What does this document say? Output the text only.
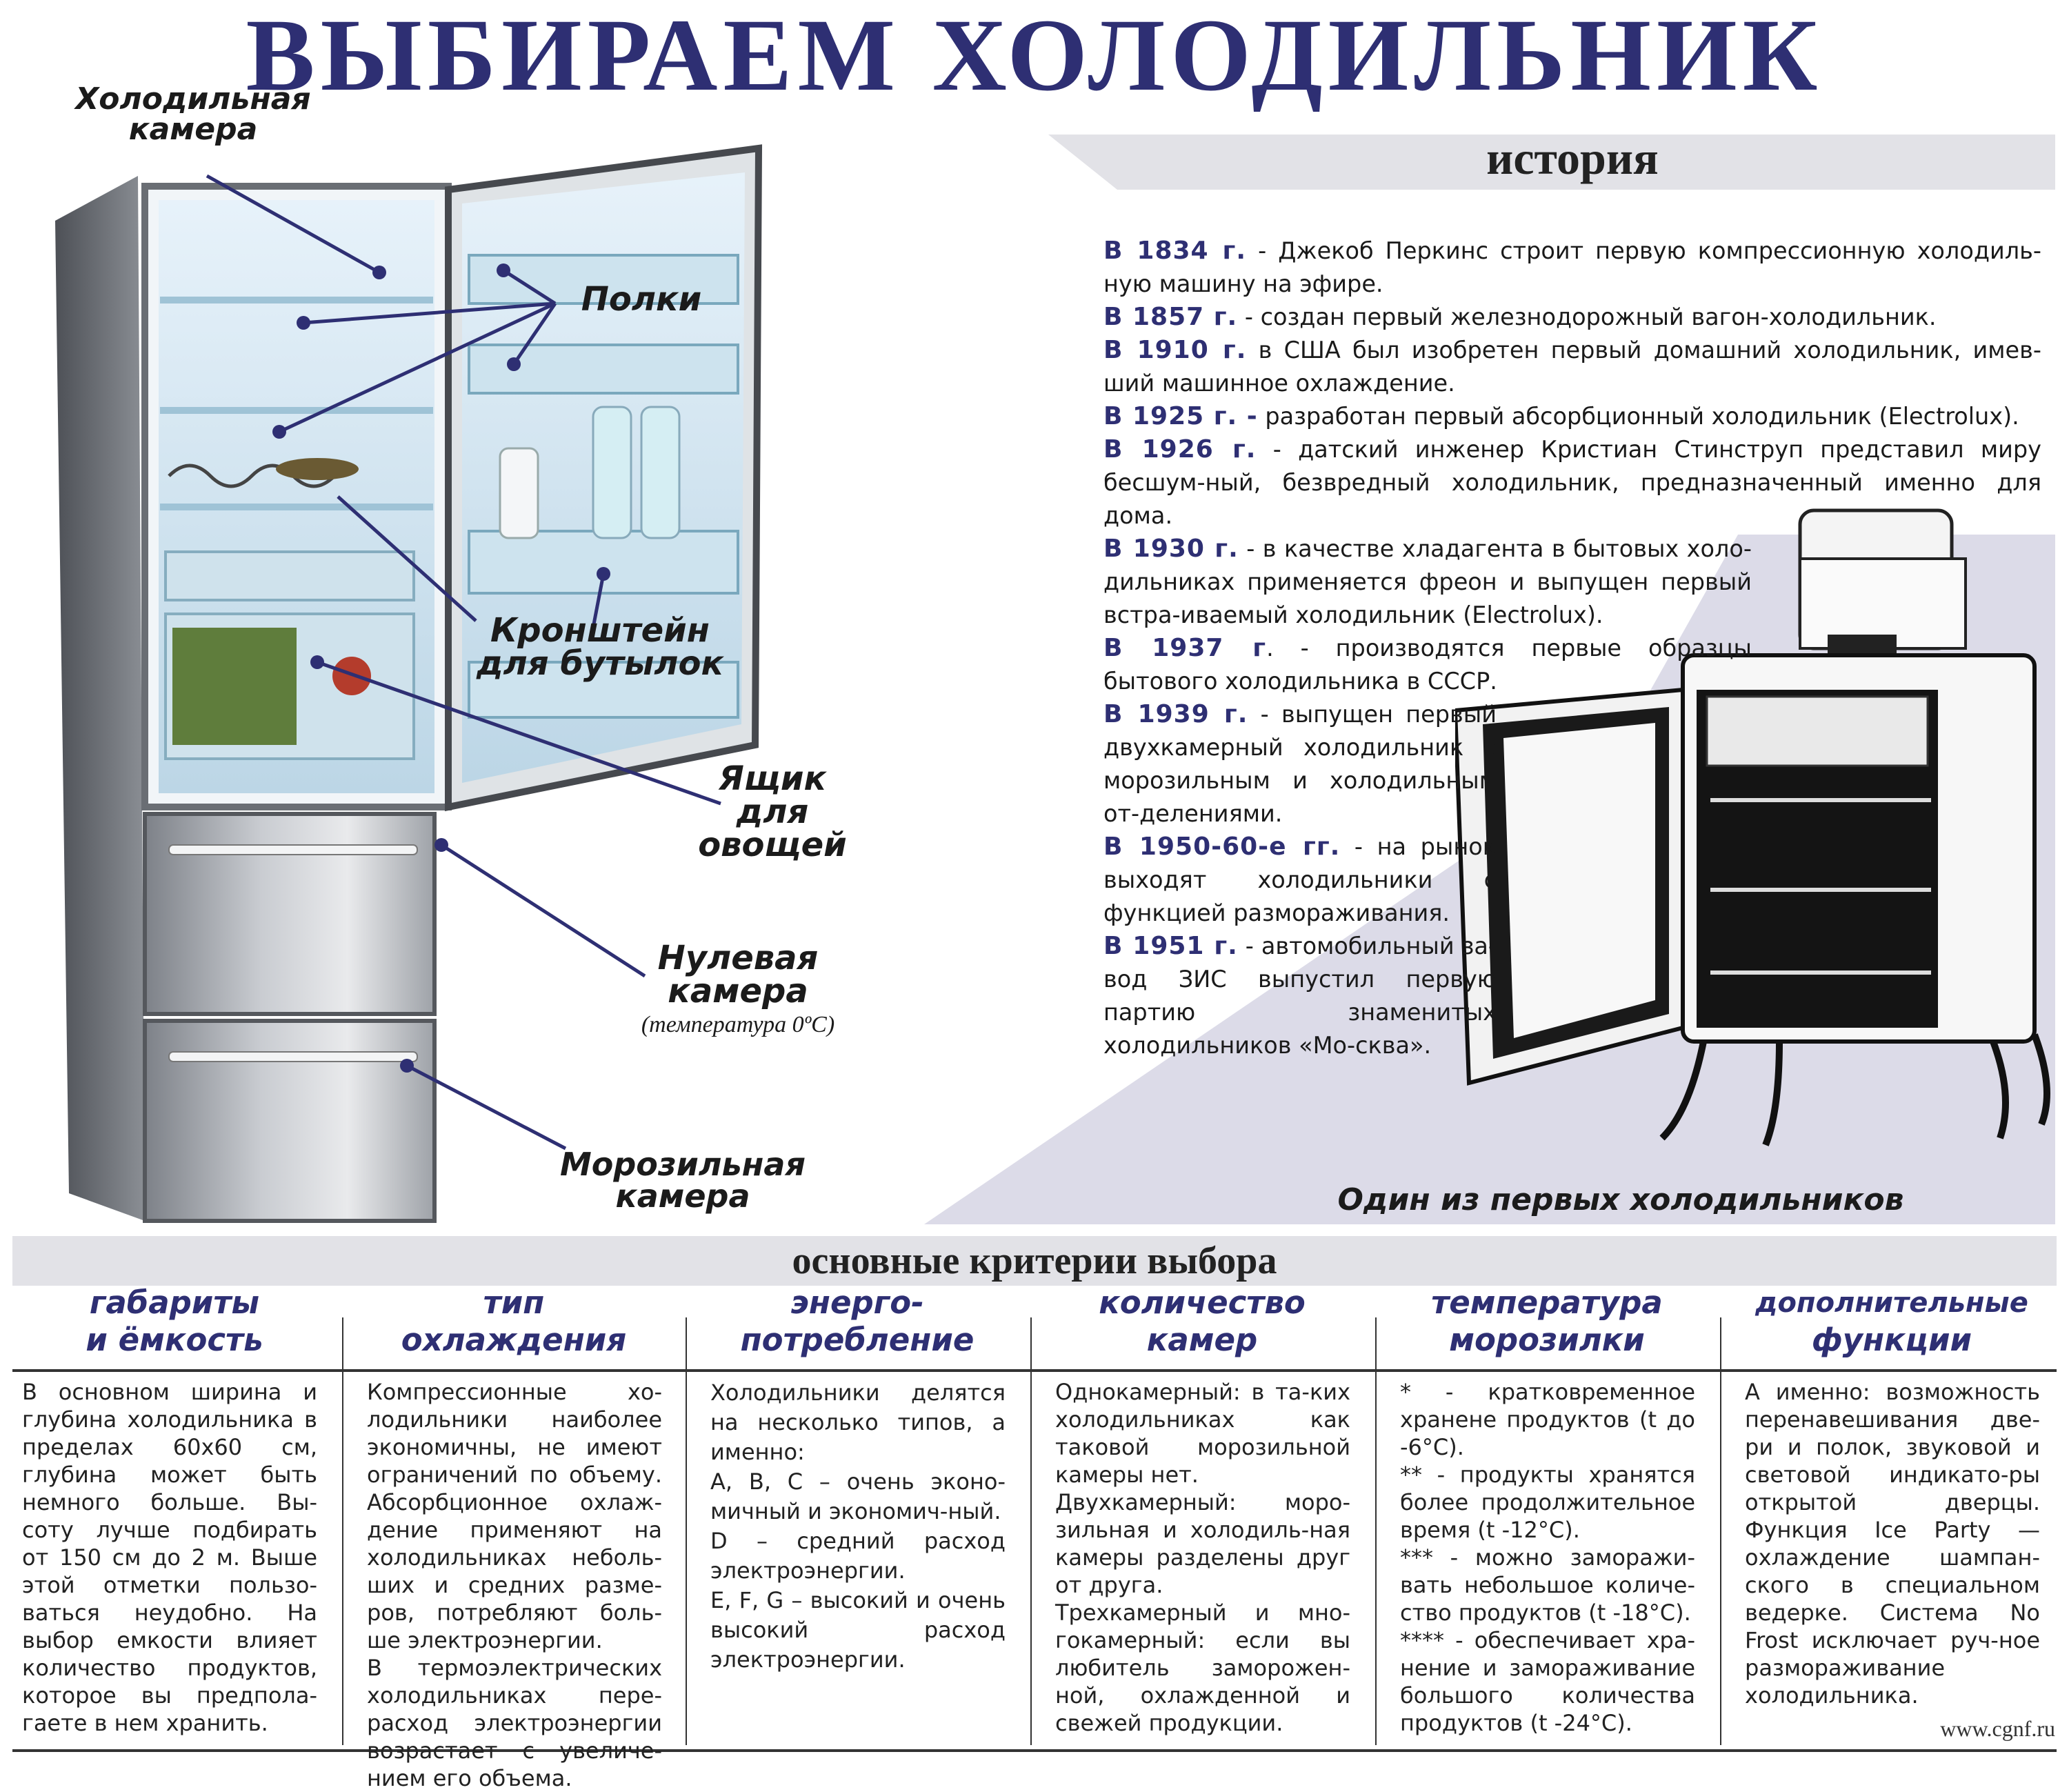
ВЫБИРАЕМ ХОЛОДИЛЬНИК
Холодильная
камера
Полки
Кронштейн
для бутылок
Ящик
для
овощей
Нулевая
камера
(температура 0ºС)
Морозильная
камера
история

В 1834 г. - Джекоб Перкинс строит первую компрессионную холодиль-ную машину на эфире.

В 1857 г. - создан первый железнодорожный вагон-холодильник.

В 1910 г. в США был изобретен первый домашний холодильник, имев-ший машинное охлаждение.

В 1925 г. - разработан первый абсорбционный холодильник (Electrolux).

В 1926 г. - датский инженер Кристиан Стинструп представил миру бесшум-ный, безвредный холодильник, предназначенный именно для дома.

В 1930 г. - в качестве хладагента в бытовых холо-дильниках применяется фреон и выпущен первый встра-иваемый холодильник (Electrolux).

В 1937 г. - производятся первые образцы бытового холодильника в СССР.

В 1939 г. - выпущен первый двухкамерный холодильник с морозильным и холодильным от-делениями.

В 1950-60-е гг. - на рынок выходят холодильники с функцией размораживания.

В 1951 г. - автомобильный за-вод ЗИС выпустил первую партию знаменитых холодильников «Мо-сква».

Один из первых холодильников
основные критерии выбора
габариты
и ёмкость
тип
охлаждения
энерго-
потребление
количество
камер
температура
морозилки
дополнительные
функции

В основном ширина и глубина холодильника в пределах 60х60 см, глубина может быть немного больше. Вы-соту лучше подбирать от 150 см до 2 м. Выше этой отметки пользо-ваться неудобно. На выбор емкости влияет количество продуктов, которое вы предпола-гаете в нем хранить.

Компрессионные хо-лодильники наиболее экономичны, не имеют ограничений по объему. Абсорбционное охлаж-дение применяют на холодильниках неболь-ших и средних разме-ров, потребляют боль-ше электроэнергии.

В термоэлектрических холодильниках пере-расход электроэнергии возрастает с увеличе-нием его объема.

Холодильники делятся на несколько типов, а именно:

A, B, C – очень эконо-мичный и экономич-ный.

D – средний расход электроэнергии.

E, F, G – высокий и очень высокий расход электроэнергии.

Однокамерный: в та-ких холодильниках как таковой морозильной камеры нет.

Двухкамерный: моро-зильная и холодиль-ная камеры разделены друг от друга.

Трехкамерный и мно-гокамерный: если вы любитель заморожен-ной, охлажденной и свежей продукции.

* - кратковременное хранене продуктов (t до -6°С).

** - продукты хранятся более продолжительное время (t -12°С).

*** - можно заморажи-вать небольшое количе-ство продуктов (t -18°С).

**** - обеспечивает хра-нение и замораживание большого количества продуктов (t -24°С).

А именно: возможность перенавешивания две-ри и полок, звуковой и световой индикато-ры открытой дверцы. Функция Ice Party — охлаждение шампан-ского в специальном ведерке. Система No Frost исключает руч-ное размораживание холодильника.

www.cgnf.ru
